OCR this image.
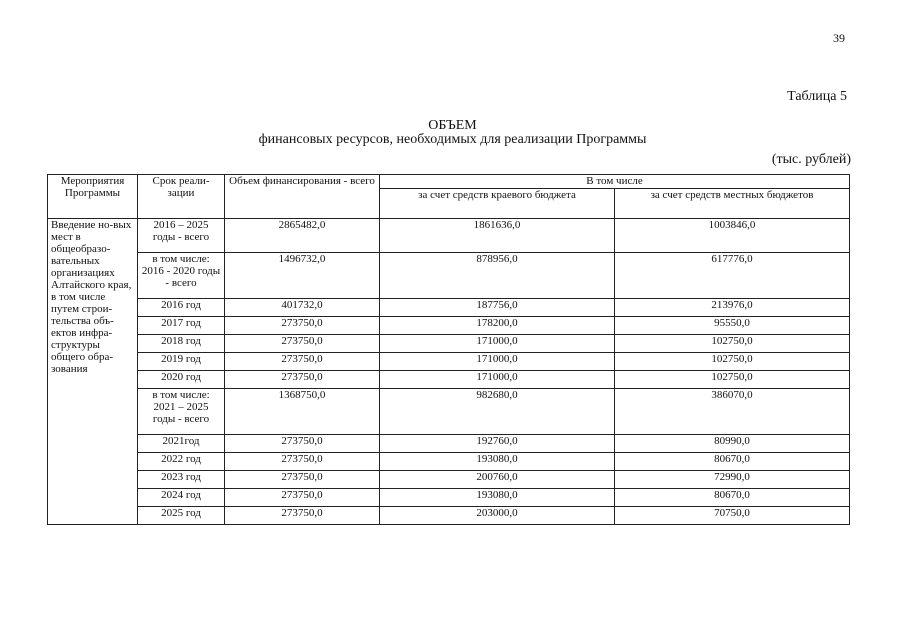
39
Таблица 5
ОБЪЕМ
финансовых ресурсов, необходимых для реализации Программы
(тыс. рублей)
Мероприятия Программы	Срок реали-зации	Объем финансирования - всего	В том числе	
			за счет средств краевого бюджета	за счет средств местных бюджетов
Введение но-вых мест в общеобразо-вательных организациях Алтайского края, в том числе путем строи-тельства объ-ектов инфра-структуры общего обра-зования	2016 – 2025 годы - всего	2865482,0	1861636,0	1003846,0
	в том числе: 2016 - 2020 годы - всего	1496732,0	878956,0	617776,0
	2016 год	401732,0	187756,0	213976,0
	2017 год	273750,0	178200,0	95550,0
	2018 год	273750,0	171000,0	102750,0
	2019 год	273750,0	171000,0	102750,0
	2020 год	273750,0	171000,0	102750,0
	в том числе: 2021 – 2025 годы - всего	1368750,0	982680,0	386070,0
	2021год	273750,0	192760,0	80990,0
	2022 год	273750,0	193080,0	80670,0
	2023 год	273750,0	200760,0	72990,0
	2024 год	273750,0	193080,0	80670,0
	2025 год	273750,0	203000,0	70750,0
